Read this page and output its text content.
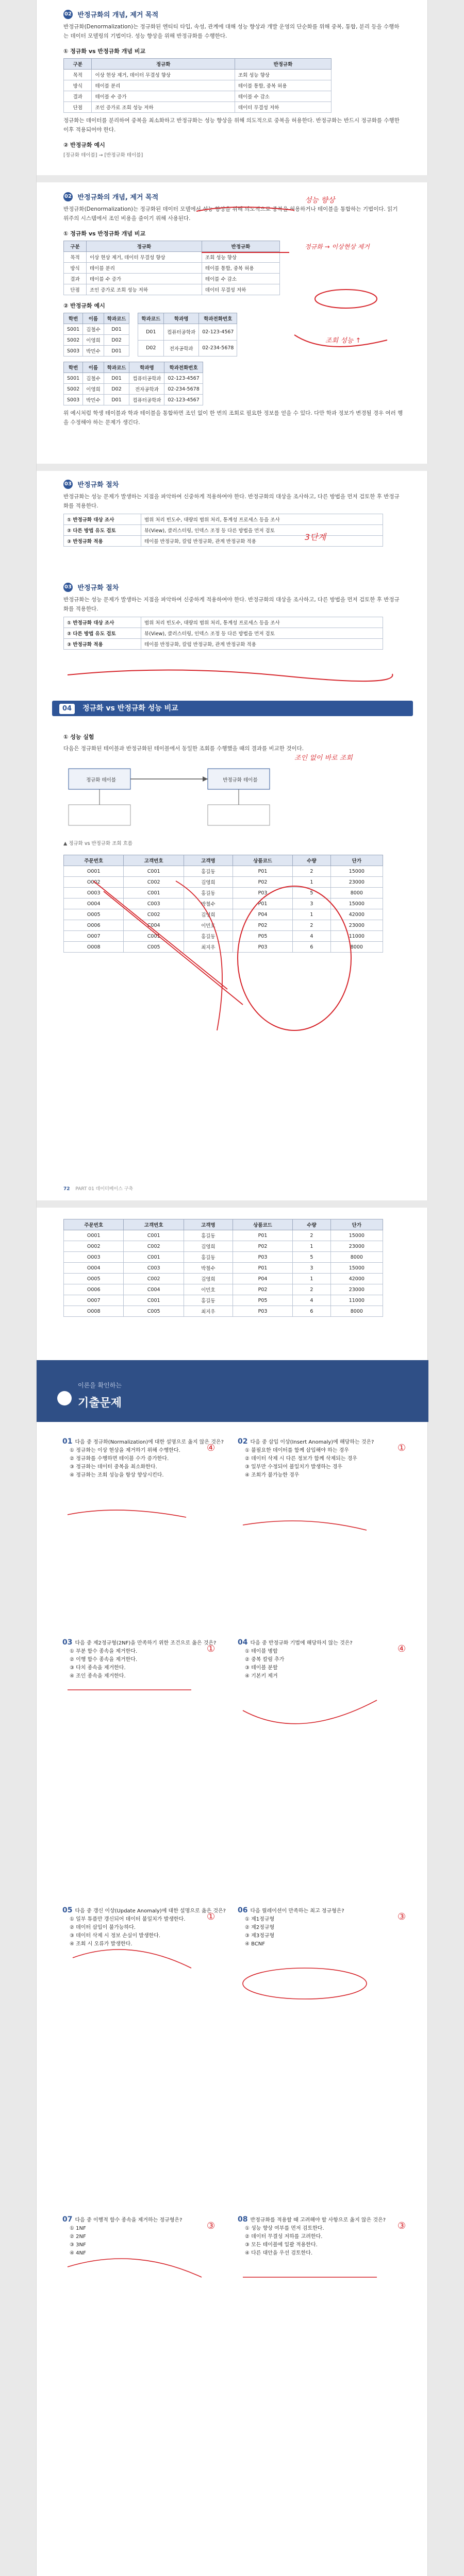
02 반정규화의 개념, 제거 목적

반정규화(Denormalization)는 정규화된 엔티티 타입, 속성, 관계에 대해 성능 향상과 개발 운영의 단순화를 위해 중복, 통합, 분리 등을 수행하는 데이터 모델링의 기법이다. 성능 향상을 위해 반정규화를 수행한다.

① 정규화 vs 반정규화 개념 비교
구분	정규화	반정규화
목적	이상 현상 제거, 데이터 무결성 향상	조회 성능 향상
방식	테이블 분리	테이블 통합, 중복 허용
결과	테이블 수 증가	테이블 수 감소
단점	조인 증가로 조회 성능 저하	데이터 무결성 저하

정규화는 데이터를 분리하여 중복을 최소화하고 반정규화는 성능 향상을 위해 의도적으로 중복을 허용한다. 반정규화는 반드시 정규화를 수행한 이후 적용되어야 한다.

② 반정규화 예시
[정규화 테이블] → [반정규화 테이블]
02 반정규화의 개념, 제거 목적

반정규화(Denormalization)는 정규화된 데이터 모델에서 성능 향상을 위해 의도적으로 중복을 허용하거나 테이블을 통합하는 기법이다. 읽기 위주의 시스템에서 조인 비용을 줄이기 위해 사용된다.

① 정규화 vs 반정규화 개념 비교
구분	정규화	반정규화
목적	이상 현상 제거, 데이터 무결성 향상	조회 성능 향상
방식	테이블 분리	테이블 통합, 중복 허용
결과	테이블 수 증가	테이블 수 감소
단점	조인 증가로 조회 성능 저하	데이터 무결성 저하
② 반정규화 예시
학번	이름	학과코드
S001	김철수	D01
S002	이영희	D02
S003	박민수	D01
학과코드	학과명	학과전화번호
D01	컴퓨터공학과	02-123-4567
D02	전자공학과	02-234-5678
학번	이름	학과코드	학과명	학과전화번호
S001	김철수	D01	컴퓨터공학과	02-123-4567
S002	이영희	D02	전자공학과	02-234-5678
S003	박민수	D01	컴퓨터공학과	02-123-4567

위 예시처럼 학생 테이블과 학과 테이블을 통합하면 조인 없이 한 번의 조회로 필요한 정보를 얻을 수 있다. 다만 학과 정보가 변경될 경우 여러 행을 수정해야 하는 문제가 생긴다.

성능 향상
정규화 → 이상현상 제거
조회 성능 ↑
03 반정규화 절차

반정규화는 성능 문제가 발생하는 지점을 파악하여 신중하게 적용하여야 한다. 반정규화의 대상을 조사하고, 다른 방법을 먼저 검토한 후 반정규화를 적용한다.

① 반정규화 대상 조사	범위 처리 빈도수, 대량의 범위 처리, 통계성 프로세스 등을 조사
② 다른 방법 유도 검토	뷰(View), 클러스터링, 인덱스 조정 등 다른 방법을 먼저 검토
③ 반정규화 적용	테이블 반정규화, 칼럼 반정규화, 관계 반정규화 적용	3단계
03 반정규화 절차

반정규화는 성능 문제가 발생하는 지점을 파악하여 신중하게 적용하여야 한다. 반정규화의 대상을 조사하고, 다른 방법을 먼저 검토한 후 반정규화를 적용한다.

① 반정규화 대상 조사	범위 처리 빈도수, 대량의 범위 처리, 통계성 프로세스 등을 조사
② 다른 방법 유도 검토	뷰(View), 클러스터링, 인덱스 조정 등 다른 방법을 먼저 검토
③ 반정규화 적용	테이블 반정규화, 칼럼 반정규화, 관계 반정규화 적용
04 정규화 vs 반정규화 성능 비교
① 성능 실험

다음은 정규화된 테이블과 반정규화된 테이블에서 동일한 조회를 수행했을 때의 결과를 비교한 것이다.

정규화 테이블	반정규화 테이블
▲ 정규화 vs 반정규화 조회 흐름
주문번호	고객번호	고객명	상품코드	수량	단가
O001	C001	홍길동	P01	2	15000
O002	C002	김영희	P02	1	23000
O003	C001	홍길동	P03	5	8000
O004	C003	박철수	P01	3	15000
O005	C002	김영희	P04	1	42000
O006	C004	이민호	P02	2	23000
O007	C001	홍길동	P05	4	11000
O008	C005	최지우	P03	6	8000
조인 없이 바로 조회
72 PART 01 데이터베이스 구축
주문번호	고객번호	고객명	상품코드	수량	단가
O001	C001	홍길동	P01	2	15000
O002	C002	김영희	P02	1	23000
O003	C001	홍길동	P03	5	8000
O004	C003	박철수	P01	3	15000
O005	C002	김영희	P04	1	42000
O006	C004	이민호	P02	2	23000
O007	C001	홍길동	P05	4	11000
O008	C005	최지우	P03	6	8000
이론을 확인하는
기출문제
01 다음 중 정규화(Normalization)에 대한 설명으로 옳지 않은 것은?
① 정규화는 이상 현상을 제거하기 위해 수행한다.
② 정규화를 수행하면 테이블 수가 증가한다.
③ 정규화는 데이터 중복을 최소화한다.
④ 정규화는 조회 성능을 항상 향상시킨다.
02 다음 중 삽입 이상(Insert Anomaly)에 해당하는 것은?
① 불필요한 데이터를 함께 삽입해야 하는 경우
② 데이터 삭제 시 다른 정보가 함께 삭제되는 경우
③ 일부만 수정되어 불일치가 발생하는 경우
④ 조회가 불가능한 경우
03 다음 중 제2정규형(2NF)을 만족하기 위한 조건으로 옳은 것은?
① 부분 함수 종속을 제거한다.
② 이행 함수 종속을 제거한다.
③ 다치 종속을 제거한다.
④ 조인 종속을 제거한다.
04 다음 중 반정규화 기법에 해당하지 않는 것은?
① 테이블 병합
② 중복 칼럼 추가
③ 테이블 분할
④ 기본키 제거
05 다음 중 갱신 이상(Update Anomaly)에 대한 설명으로 옳은 것은?
① 일부 튜플만 갱신되어 데이터 불일치가 발생한다.
② 데이터 삽입이 불가능하다.
③ 데이터 삭제 시 정보 손실이 발생한다.
④ 조회 시 오류가 발생한다.
06 다음 릴레이션이 만족하는 최고 정규형은?
① 제1정규형
② 제2정규형
③ 제3정규형
④ BCNF
07 다음 중 이행적 함수 종속을 제거하는 정규형은?
① 1NF
② 2NF
③ 3NF
④ 4NF
08 반정규화를 적용할 때 고려해야 할 사항으로 옳지 않은 것은?
① 성능 향상 여부를 먼저 검토한다.
② 데이터 무결성 저하를 고려한다.
③ 모든 테이블에 일괄 적용한다.
④ 다른 대안을 우선 검토한다.
④	①
①	④
①	③
③	③
